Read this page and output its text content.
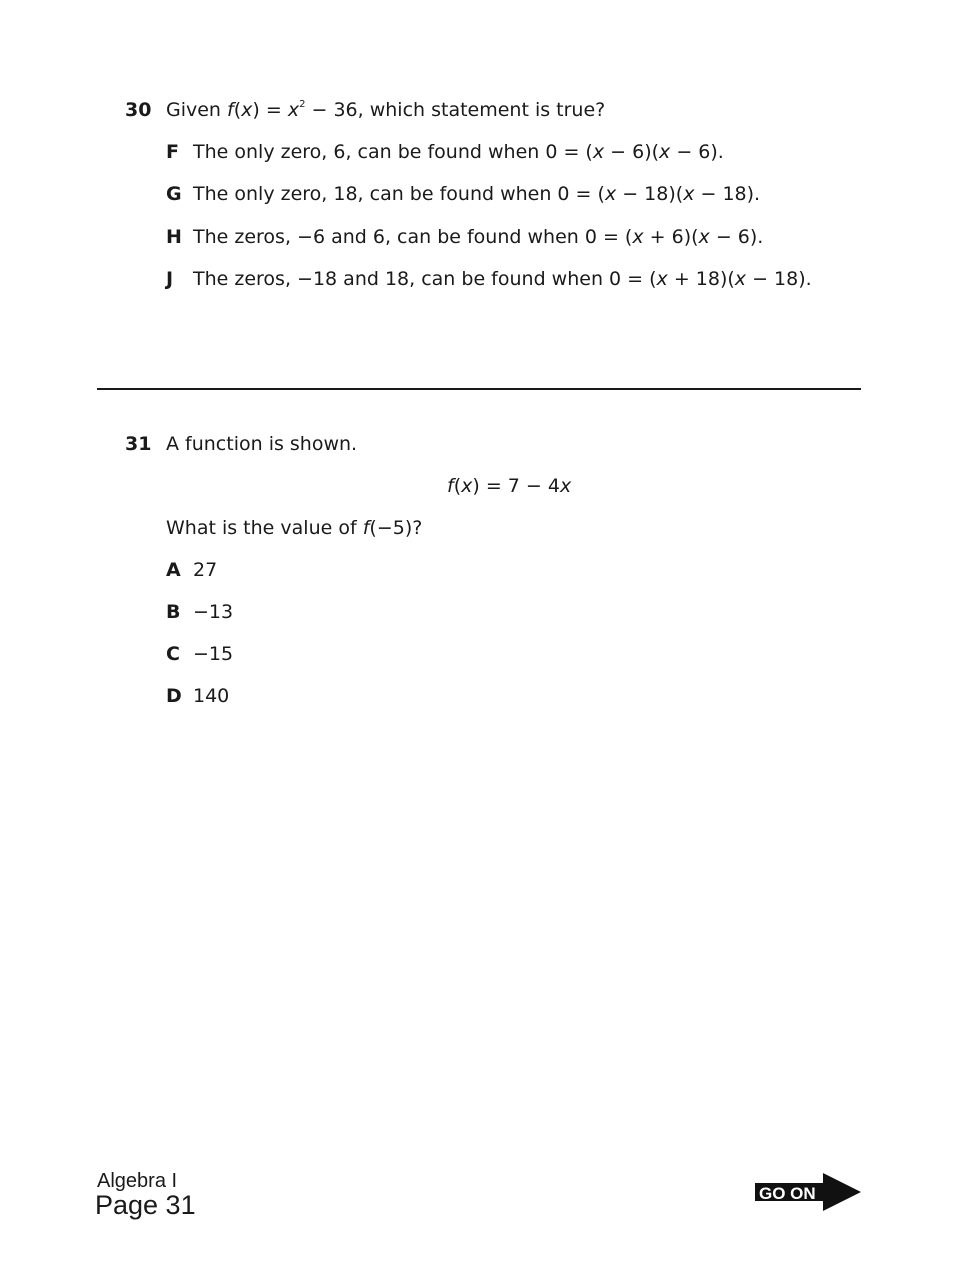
30 Given $f(x) = x^2 - 36$, which statement is true?
F The only zero, 6, can be found when 0 = (x − 6)(x − 6).
G The only zero, 18, can be found when 0 = (x − 18)(x − 18).
H The zeros, −6 and 6, can be found when 0 = (x + 6)(x − 6).
J The zeros, −18 and 18, can be found when 0 = (x + 18)(x − 18).
31 A function is shown.
f(x) = 7 − 4x
What is the value of f(−5)?
A 27
B −13
C −15
D 140
Algebra I
Page 31	GO ON
